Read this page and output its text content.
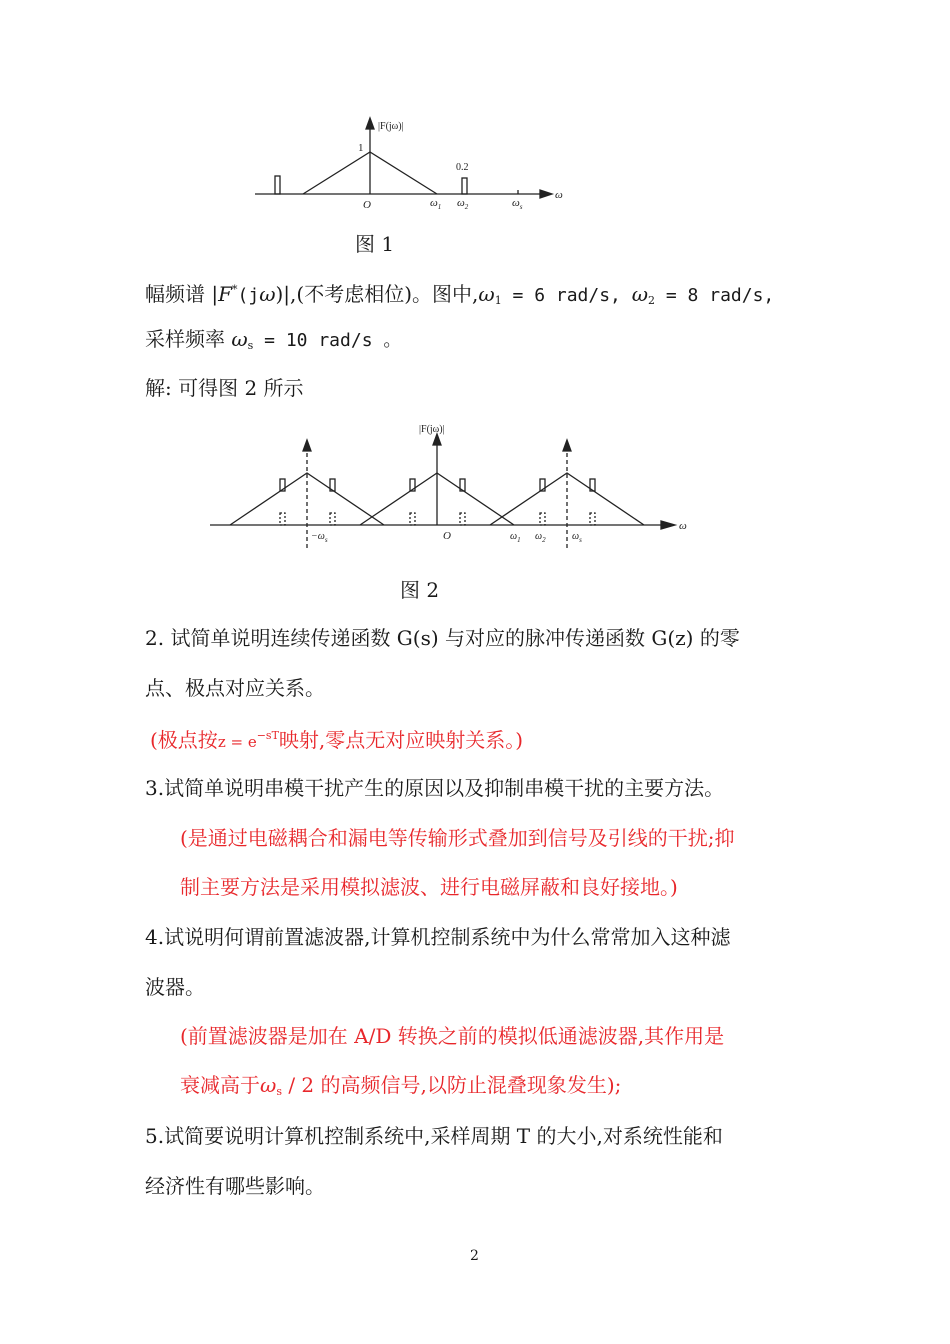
|F(jω)|
1
0.2
O	$\omega_1$ $\omega_2$	$\omega_s$
ω
图 1
幅频谱 |F*(jω)|,(不考虑相位)。图中$,\omega_1 = 6$ rad/s, $\omega_2 = 8$ rad/s,
采样频率 $\omega_s = 10$ rad/s 。
解: 可得图 2 所示
|F(jω)|
$-\omega_s$	O	$\omega_1$ $\omega_2$	$\omega_s$
ω
图 2
2. 试简单说明连续传递函数 G(s) 与对应的脉冲传递函数 G(z) 的零
点、极点对应关系。
(极点按$z = e^{-sT}$映射,零点无对应映射关系。)
3.试简单说明串模干扰产生的原因以及抑制串模干扰的主要方法。
(是通过电磁耦合和漏电等传输形式叠加到信号及引线的干扰;抑
制主要方法是采用模拟滤波、进行电磁屏蔽和良好接地。)
4.试说明何谓前置滤波器,计算机控制系统中为什么常常加入这种滤
波器。
(前置滤波器是加在 A/D 转换之前的模拟低通滤波器,其作用是
衰减高于$\omega_s / 2$ 的高频信号,以防止混叠现象发生);
5.试简要说明计算机控制系统中,采样周期 T 的大小,对系统性能和
经济性有哪些影响。
2
